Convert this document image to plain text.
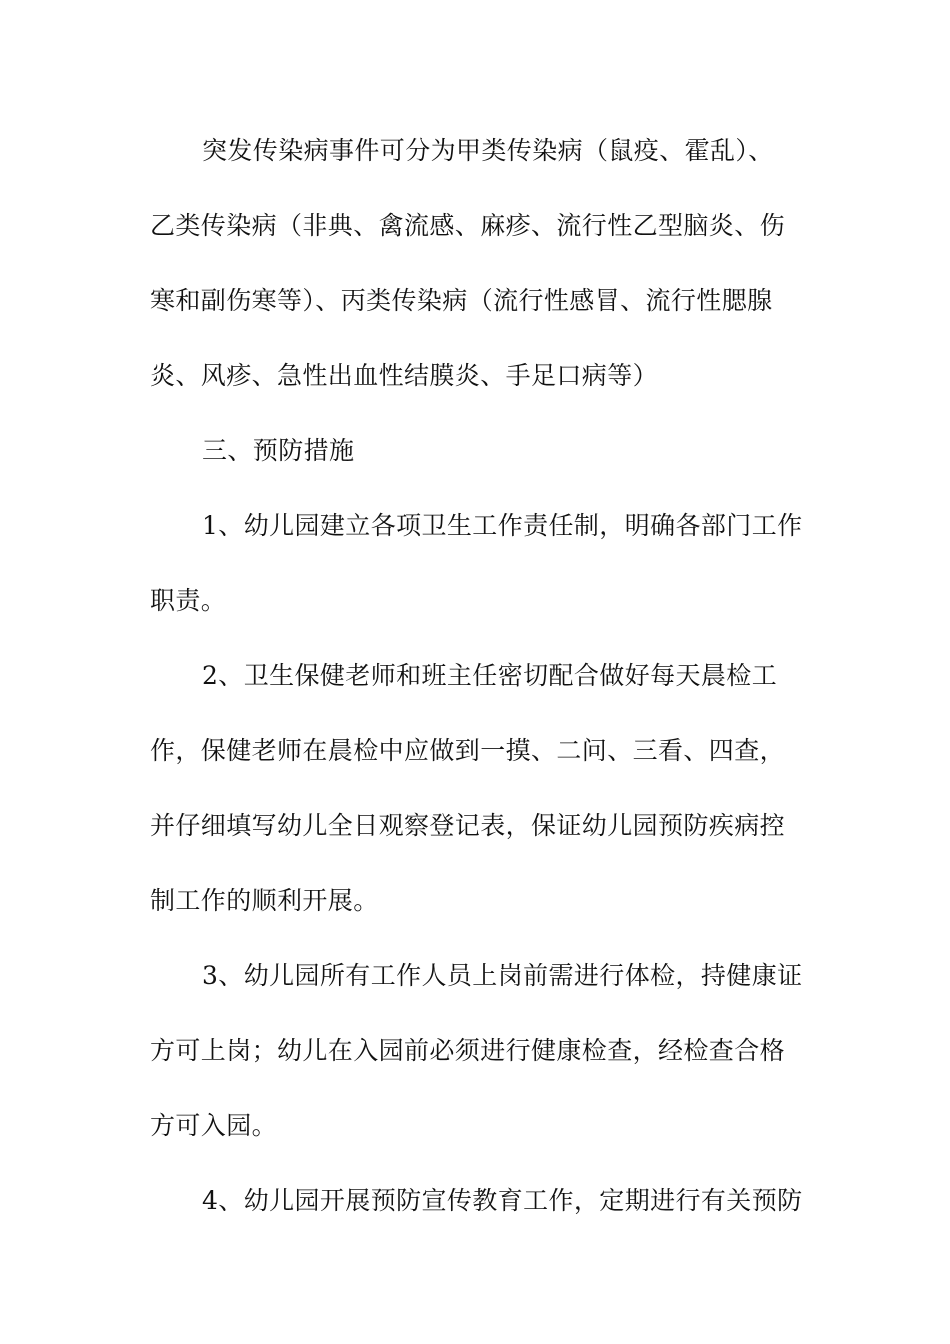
突发传染病事件可分为甲类传染病（鼠疫、霍乱）、
乙类传染病（非典、禽流感、麻疹、流行性乙型脑炎、伤
寒和副伤寒等）、丙类传染病（流行性感冒、流行性腮腺
炎、风疹、急性出血性结膜炎、手足口病等）
三、预防措施
1、幼儿园建立各项卫生工作责任制，明确各部门工作
职责。
2、卫生保健老师和班主任密切配合做好每天晨检工
作，保健老师在晨检中应做到一摸、二问、三看、四查，
并仔细填写幼儿全日观察登记表，保证幼儿园预防疾病控
制工作的顺利开展。
3、幼儿园所有工作人员上岗前需进行体检，持健康证
方可上岗；幼儿在入园前必须进行健康检查，经检查合格
方可入园。
4、幼儿园开展预防宣传教育工作，定期进行有关预防
